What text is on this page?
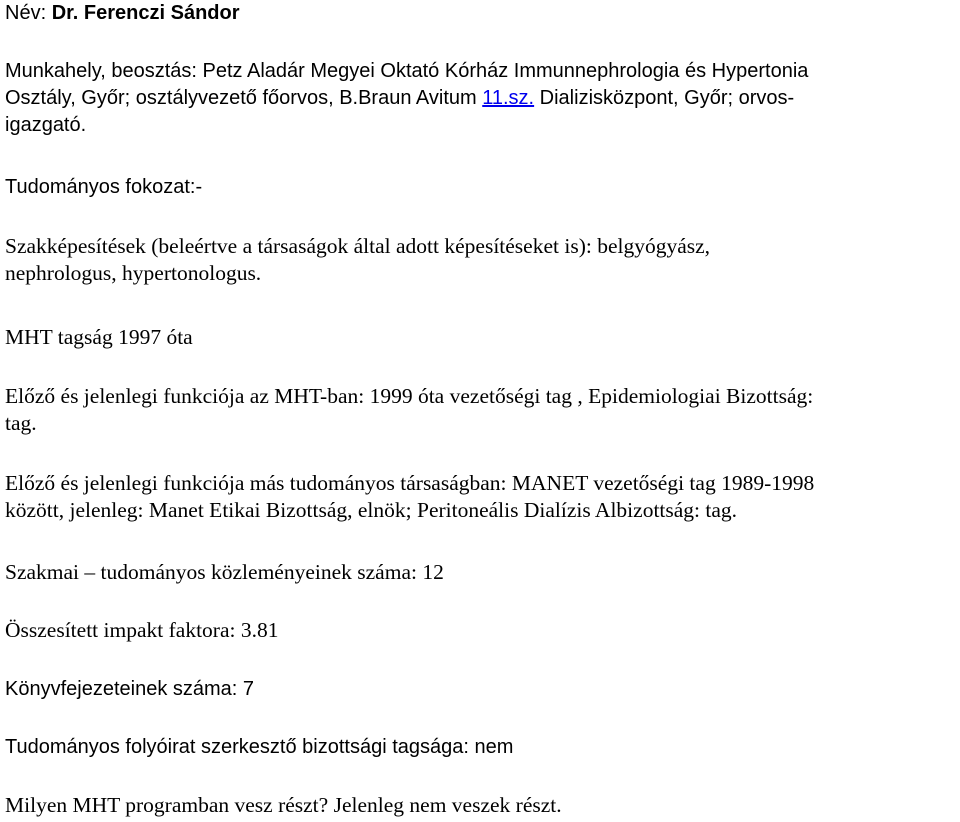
Név: Dr. Ferenczi Sándor

Munkahely, beosztás: Petz Aladár Megyei Oktató Kórház Immunnephrologia és Hypertonia
Osztály, Győr; osztályvezető főorvos, B.Braun Avitum 11.sz. Dializisközpont, Győr; orvos-
igazgató.

Tudományos fokozat:-

Szakképesítések (beleértve a társaságok által adott képesítéseket is): belgyógyász,
nephrologus, hypertonologus.

MHT tagság 1997 óta

Előző és jelenlegi funkciója az MHT-ban: 1999 óta vezetőségi tag , Epidemiologiai Bizottság:
tag.

Előző és jelenlegi funkciója más tudományos társaságban: MANET vezetőségi tag 1989-1998
között, jelenleg: Manet Etikai Bizottság, elnök; Peritoneális Dialízis Albizottság: tag.

Szakmai – tudományos közleményeinek száma: 12

Összesített impakt faktora: 3.81

Könyvfejezeteinek száma: 7

Tudományos folyóirat szerkesztő bizottsági tagsága: nem

Milyen MHT programban vesz részt? Jelenleg nem veszek részt.
